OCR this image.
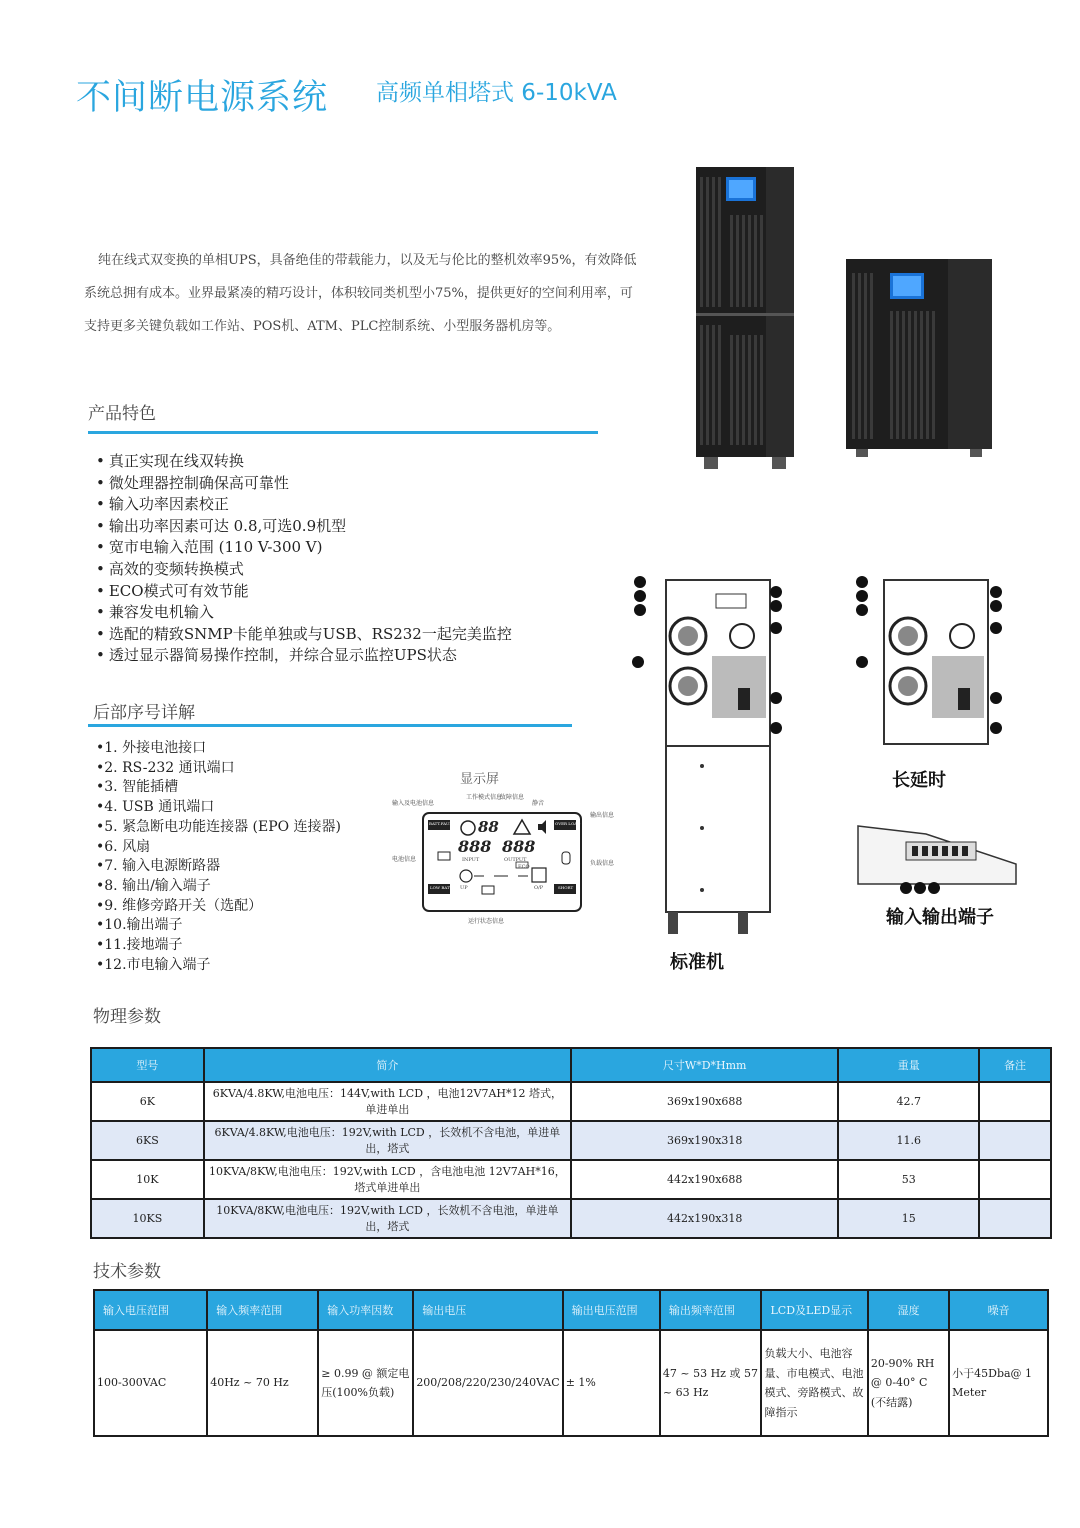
不间断电源系统 高频单相塔式 6-10kVA

纯在线式双变换的单相UPS，具备绝佳的带载能力，以及无与伦比的整机效率95%，有效降低系统总拥有成本。业界最紧凑的精巧设计，体积较同类机型小75%，提供更好的空间利用率，可支持更多关键负载如工作站、POS机、ATM、PLC控制系统、小型服务器机房等。

产品特色
• 真正实现在线双转换
• 微处理器控制确保高可靠性
• 输入功率因素校正
• 输出功率因素可达 0.8,可选0.9机型
• 宽市电输入范围 (110 V-300 V)
• 高效的变频转换模式
• ECO模式可有效节能
• 兼容发电机输入
• 选配的精致SNMP卡能单独或与USB、RS232一起完美监控
• 透过显示器简易操作控制，并综合显示监控UPS状态
后部序号详解
•1. 外接电池接口
•2. RS-232 通讯端口
•3. 智能插槽
•4. USB 通讯端口
•5. 紧急断电功能连接器 (EPO 连接器)
•6. 风扇
•7. 输入电源断路器
•8. 输出/输入端子
•9. 维修旁路开关（选配）
•10.输出端子
•11.接地端子
•12.市电输入端子
显示屏
输入及电池信息
工作模式信息
故障信息
静音
输出信息
电池信息
负载信息
运行状态信息
BATT.FAULT	OVER LOAD
LOW BATT.	SHORT
88
888 888
INPUT	OUTPUT
ECO
O/P
UP
长延时
标准机
输入输出端子
物理参数
型号	简介	尺寸W*D*Hmm	重量	备注
6K	6KVA/4.8KW,电池电压：144V,with LCD ，电池12V7AH*12 塔式，单进单出	369x190x688	42.7	
6KS	6KVA/4.8KW,电池电压：192V,with LCD ，长效机不含电池，单进单出，塔式	369x190x318	11.6	
10K	10KVA/8KW,电池电压：192V,with LCD ，含电池电池 12V7AH*16，塔式单进单出	442x190x688	53	
10KS	10KVA/8KW,电池电压：192V,with LCD ，长效机不含电池，单进单出，塔式	442x190x318	15	
技术参数
输入电压范围	输入频率范围	输入功率因数	输出电压	输出电压范围	输出频率范围	LCD及LED显示	湿度	噪音
100-300VAC	40Hz ~ 70 Hz	≥ 0.99 @ 额定电压(100%负载)	200/208/220/230/240VAC	± 1%	47 ~ 53 Hz 或 57 ~ 63 Hz	负载大小、电池容量、市电模式、电池模式、旁路模式、故障指示	20-90% RH @ 0-40° C (不结露)	小于45Dba@ 1 Meter
